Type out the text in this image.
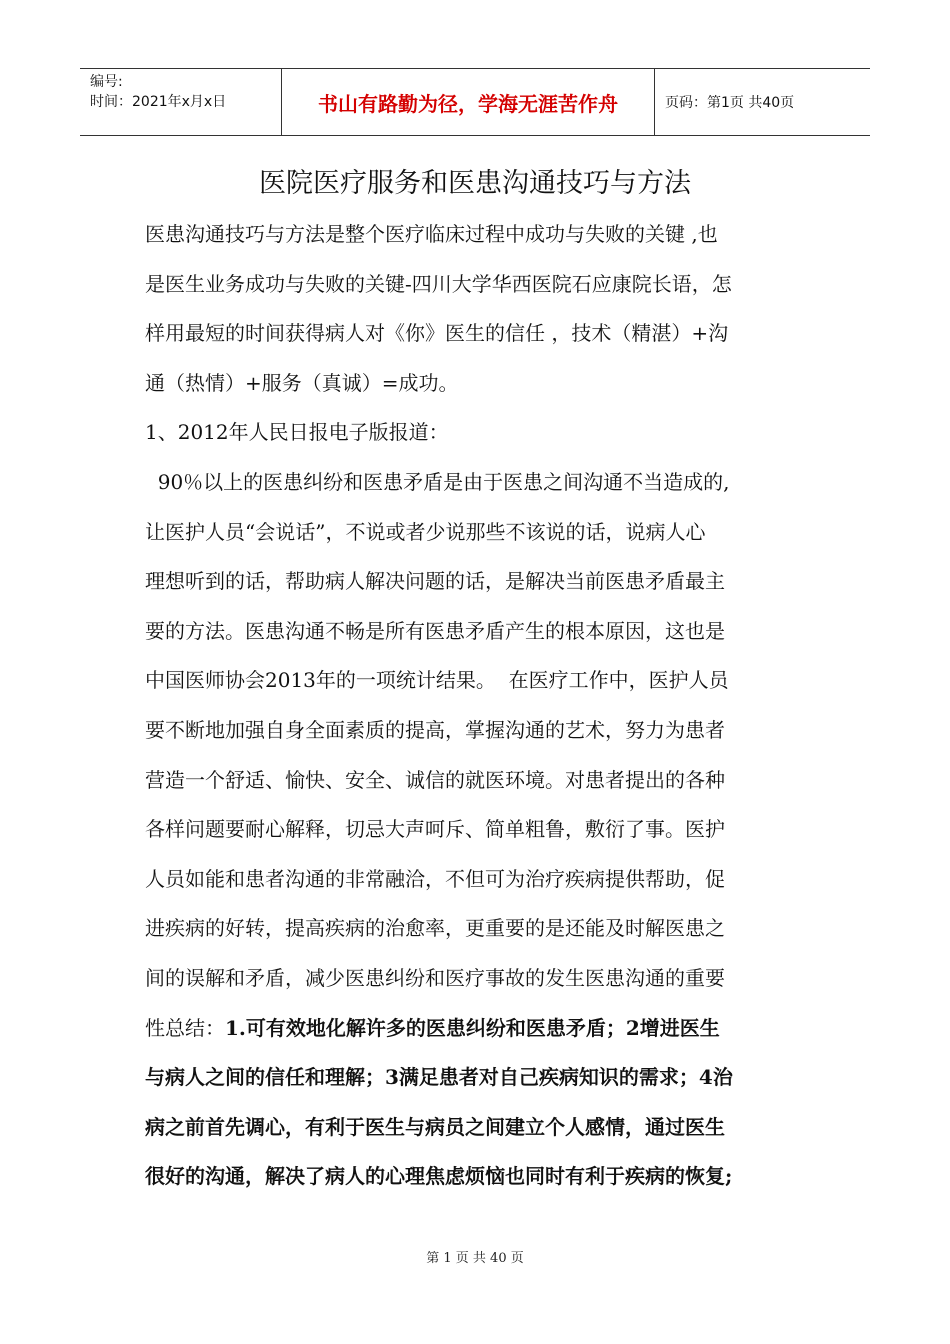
编号:
时间：2021年x月x日	书山有路勤为径，学海无涯苦作舟	页码：第1页 共40页
医院医疗服务和医患沟通技巧与方法
医患沟通技巧与方法是整个医疗临床过程中成功与失败的关键 ,也
是医生业务成功与失败的关键-四川大学华西医院石应康院长语，怎
样用最短的时间获得病人对《你》医生的信任 ，技术（精湛）+沟
通（热情）+服务（真诚）=成功。
1、2012年人民日报电子版报道：
90％以上的医患纠纷和医患矛盾是由于医患之间沟通不当造成的,
让医护人员“会说话”，不说或者少说那些不该说的话，说病人心
理想听到的话，帮助病人解决问题的话，是解决当前医患矛盾最主
要的方法。医患沟通不畅是所有医患矛盾产生的根本原因，这也是
中国医师协会2013年的一项统计结果。  在医疗工作中，医护人员
要不断地加强自身全面素质的提高，掌握沟通的艺术，努力为患者
营造一个舒适、愉快、安全、诚信的就医环境。对患者提出的各种
各样问题要耐心解释，切忌大声呵斥、简单粗鲁，敷衍了事。医护
人员如能和患者沟通的非常融洽，不但可为治疗疾病提供帮助，促
进疾病的好转，提高疾病的治愈率，更重要的是还能及时解医患之
间的误解和矛盾，减少医患纠纷和医疗事故的发生医患沟通的重要
性总结：1.可有效地化解许多的医患纠纷和医患矛盾；2增进医生
与病人之间的信任和理解；3满足患者对自己疾病知识的需求；4治
病之前首先调心，有利于医生与病员之间建立个人感情，通过医生
很好的沟通，解决了病人的心理焦虑烦恼也同时有利于疾病的恢复;
第 1 页 共 40 页
